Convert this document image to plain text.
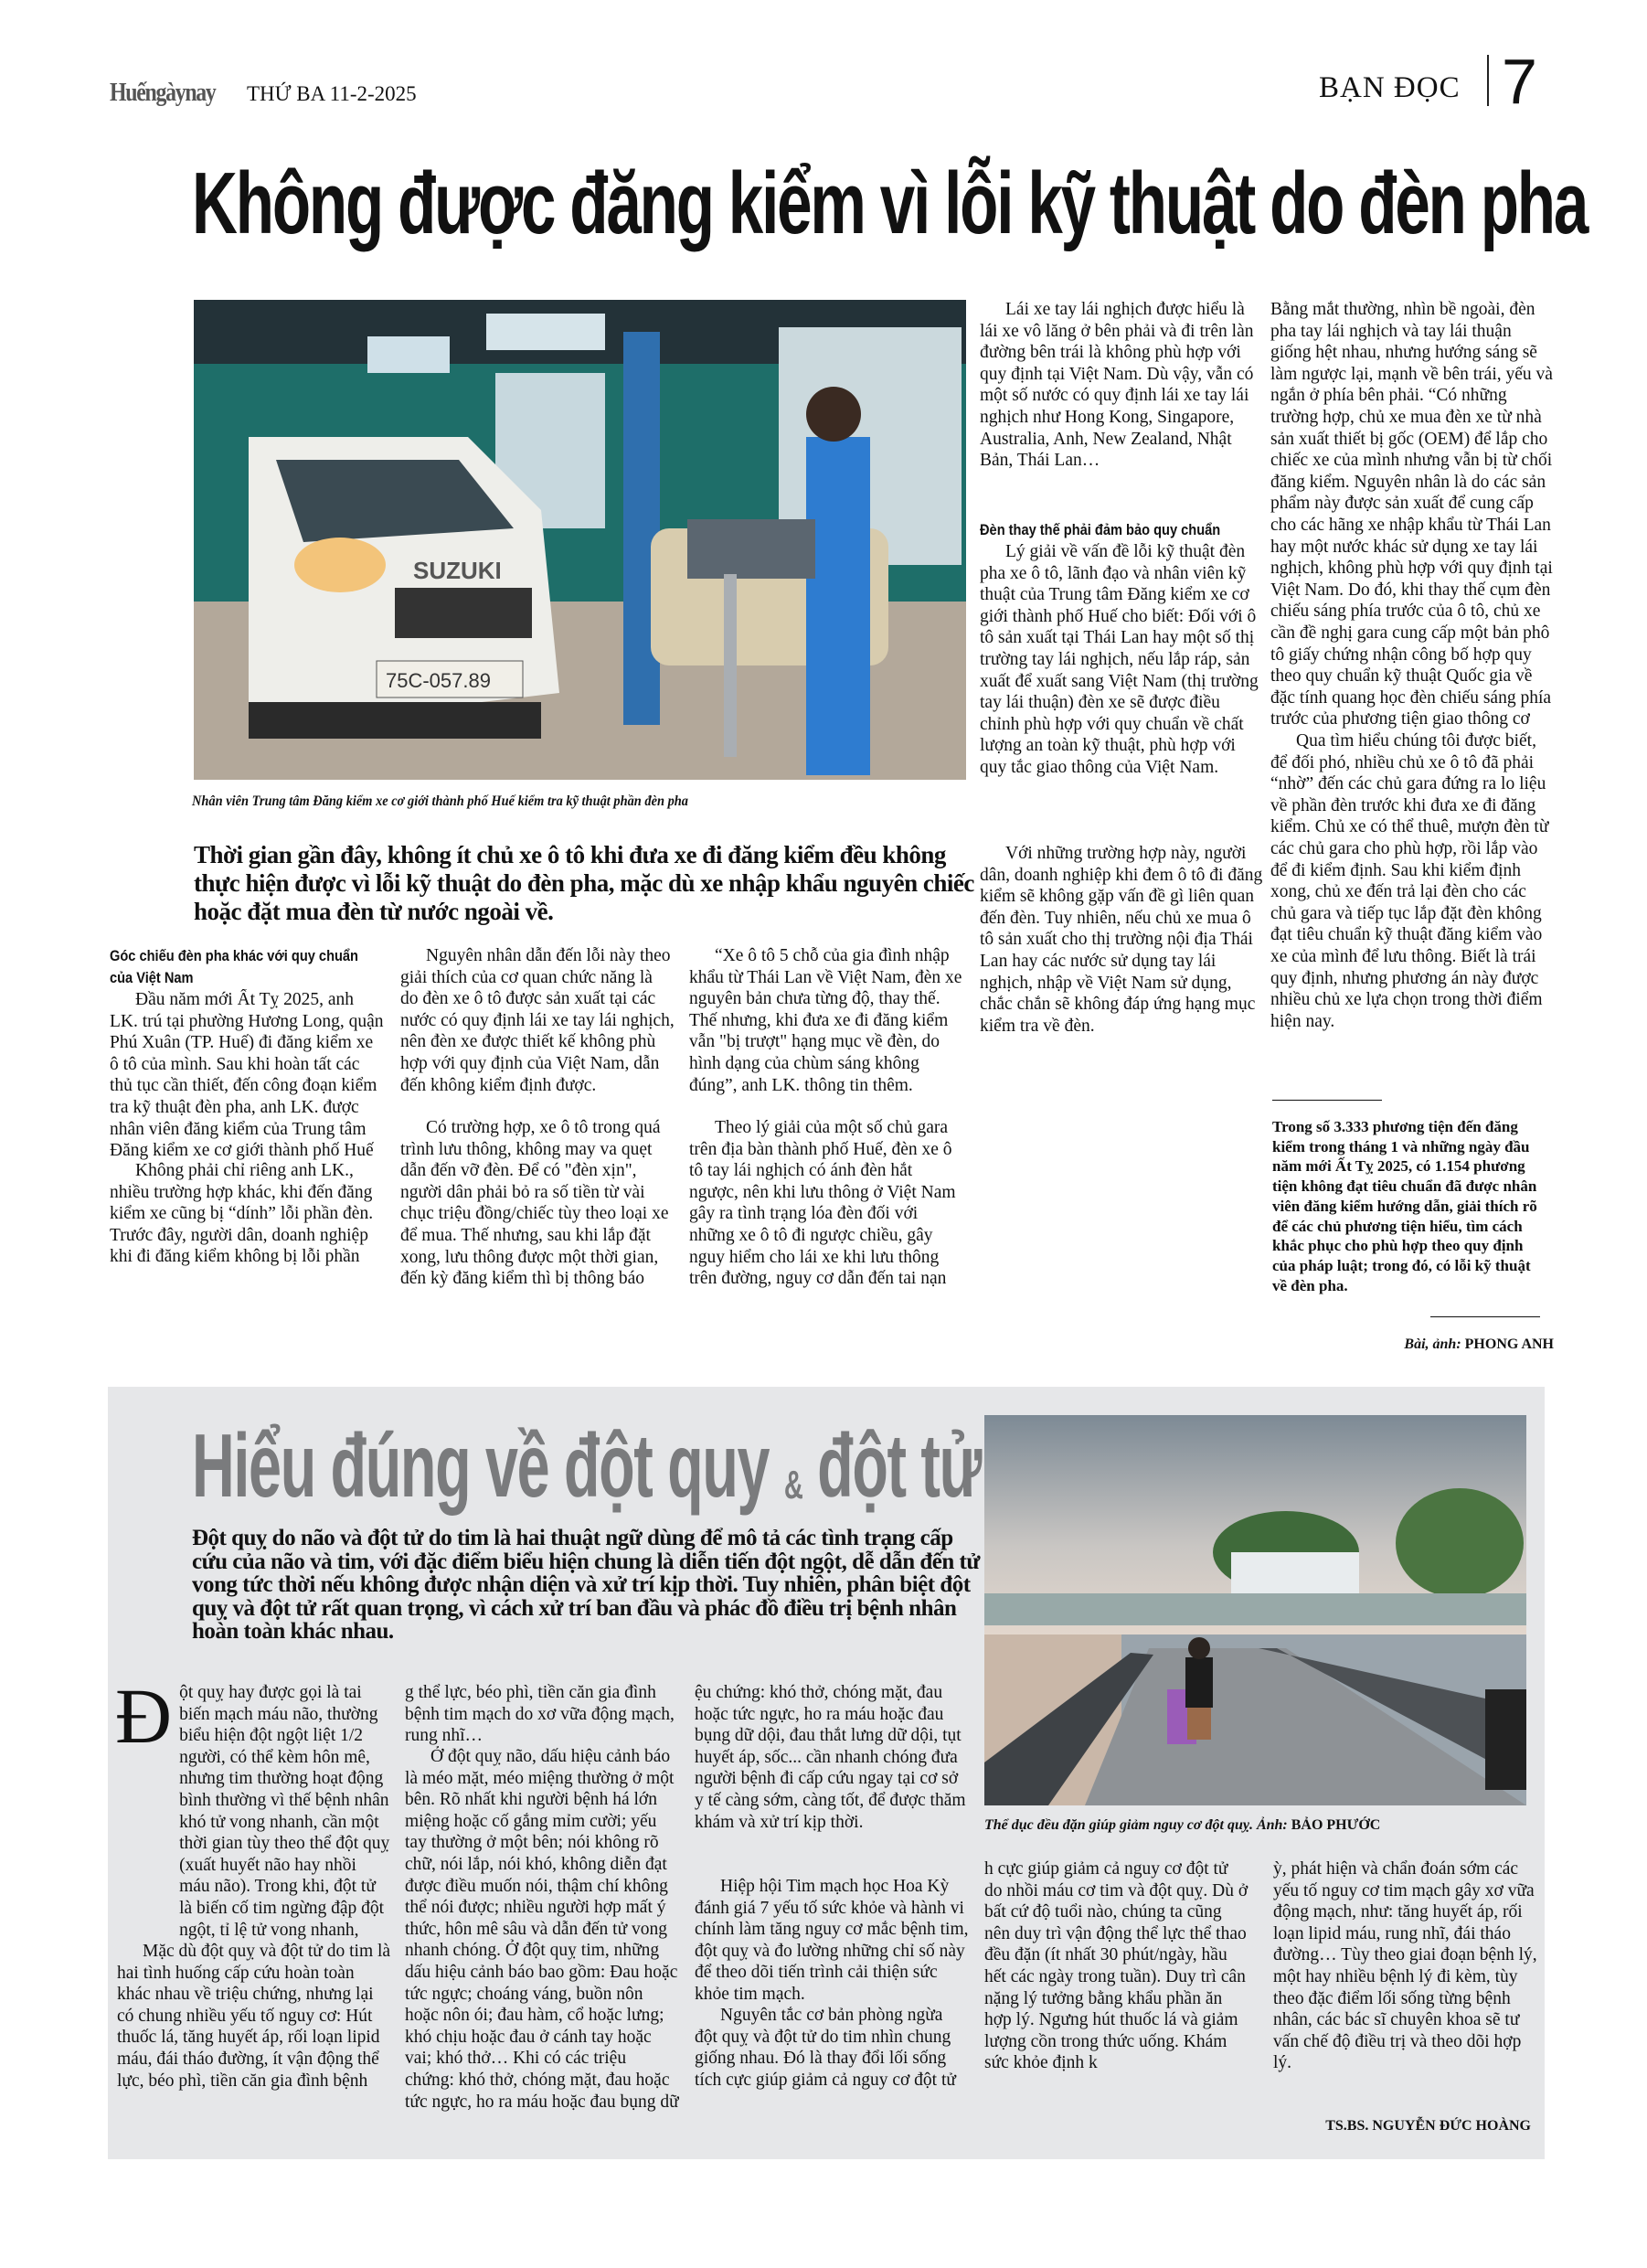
Huếngàynay THỨ BA 11-2-2025	BẠN ĐỌC 7
Không được đăng kiểm vì lỗi kỹ thuật do đèn pha
75C-057.89
SUZUKI
Nhân viên Trung tâm Đăng kiểm xe cơ giới thành phố Huế kiểm tra kỹ thuật phần đèn pha
Thời gian gần đây, không ít chủ xe ô tô khi đưa xe đi đăng kiểm đều không thực hiện được vì lỗi kỹ thuật do đèn pha, mặc dù xe nhập khẩu nguyên chiếc hoặc đặt mua đèn từ nước ngoài về.
Góc chiếu đèn pha khác với quy chuẩn của Việt Nam

Đầu năm mới Ất Tỵ 2025, anh LK. trú tại phường Hương Long, quận Phú Xuân (TP. Huế) đi đăng kiểm xe ô tô của mình. Sau khi hoàn tất các thủ tục cần thiết, đến công đoạn kiểm tra kỹ thuật đèn pha, anh LK. được nhân viên đăng kiểm của Trung tâm Đăng kiểm xe cơ giới thành phố Huế

Không phải chỉ riêng anh LK., nhiều trường hợp khác, khi đến đăng kiểm xe cũng bị “dính” lỗi phần đèn. Trước đây, người dân, doanh nghiệp khi đi đăng kiểm không bị lỗi phần

Nguyên nhân dẫn đến lỗi này theo giải thích của cơ quan chức năng là do đèn xe ô tô được sản xuất tại các nước có quy định lái xe tay lái nghịch, nên đèn xe được thiết kế không phù hợp với quy định của Việt Nam, dẫn đến không kiểm định được.

Có trường hợp, xe ô tô trong quá trình lưu thông, không may va quẹt dẫn đến vỡ đèn. Để có "đèn xịn", người dân phải bỏ ra số tiền từ vài chục triệu đồng/chiếc tùy theo loại xe để mua. Thế nhưng, sau khi lắp đặt xong, lưu thông được một thời gian, đến kỳ đăng kiểm thì bị thông báo

“Xe ô tô 5 chỗ của gia đình nhập khẩu từ Thái Lan về Việt Nam, đèn xe nguyên bản chưa từng độ, thay thế. Thế nhưng, khi đưa xe đi đăng kiểm vẫn "bị trượt" hạng mục về đèn, do hình dạng của chùm sáng không đúng”, anh LK. thông tin thêm.

Theo lý giải của một số chủ gara trên địa bàn thành phố Huế, đèn xe ô tô tay lái nghịch có ánh đèn hắt ngược, nên khi lưu thông ở Việt Nam gây ra tình trạng lóa đèn đối với những xe ô tô đi ngược chiều, gây nguy hiểm cho lái xe khi lưu thông trên đường, nguy cơ dẫn đến tai nạn

Lái xe tay lái nghịch được hiểu là lái xe vô lăng ở bên phải và đi trên làn đường bên trái là không phù hợp với quy định tại Việt Nam. Dù vậy, vẫn có một số nước có quy định lái xe tay lái nghịch như Hong Kong, Singapore, Australia, Anh, New Zealand, Nhật Bản, Thái Lan…

Đèn thay thế phải đảm bảo quy chuẩn

Lý giải về vấn đề lỗi kỹ thuật đèn pha xe ô tô, lãnh đạo và nhân viên kỹ thuật của Trung tâm Đăng kiểm xe cơ giới thành phố Huế cho biết: Đối với ô tô sản xuất tại Thái Lan hay một số thị trường tay lái nghịch, nếu lắp ráp, sản xuất để xuất sang Việt Nam (thị trường tay lái thuận) đèn xe sẽ được điều chỉnh phù hợp với quy chuẩn về chất lượng an toàn kỹ thuật, phù hợp với quy tắc giao thông của Việt Nam.

Với những trường hợp này, người dân, doanh nghiệp khi đem ô tô đi đăng kiểm sẽ không gặp vấn đề gì liên quan đến đèn. Tuy nhiên, nếu chủ xe mua ô tô sản xuất cho thị trường nội địa Thái Lan hay các nước sử dụng tay lái nghịch, nhập về Việt Nam sử dụng, chắc chắn sẽ không đáp ứng hạng mục kiểm tra về đèn.

Bằng mắt thường, nhìn bề ngoài, đèn pha tay lái nghịch và tay lái thuận giống hệt nhau, nhưng hướng sáng sẽ làm ngược lại, mạnh về bên trái, yếu và ngắn ở phía bên phải. “Có những trường hợp, chủ xe mua đèn xe từ nhà sản xuất thiết bị gốc (OEM) để lắp cho chiếc xe của mình nhưng vẫn bị từ chối đăng kiểm. Nguyên nhân là do các sản phẩm này được sản xuất để cung cấp cho các hãng xe nhập khẩu từ Thái Lan hay một nước khác sử dụng xe tay lái nghịch, không phù hợp với quy định tại Việt Nam. Do đó, khi thay thế cụm đèn chiếu sáng phía trước của ô tô, chủ xe cần đề nghị gara cung cấp một bản phô tô giấy chứng nhận công bố hợp quy theo quy chuẩn kỹ thuật Quốc gia về đặc tính quang học đèn chiếu sáng phía trước của phương tiện giao thông cơ

Qua tìm hiểu chúng tôi được biết, để đối phó, nhiều chủ xe ô tô đã phải “nhờ” đến các chủ gara đứng ra lo liệu về phần đèn trước khi đưa xe đi đăng kiểm. Chủ xe có thể thuê, mượn đèn từ các chủ gara cho phù hợp, rồi lắp vào để đi kiểm định. Sau khi kiểm định xong, chủ xe đến trả lại đèn cho các chủ gara và tiếp tục lắp đặt đèn không đạt tiêu chuẩn kỹ thuật đăng kiểm vào xe của mình để lưu thông. Biết là trái quy định, nhưng phương án này được nhiều chủ xe lựa chọn trong thời điểm hiện nay.

Trong số 3.333 phương tiện đến đăng kiểm trong tháng 1 và những ngày đầu năm mới Ất Tỵ 2025, có 1.154 phương tiện không đạt tiêu chuẩn đã được nhân viên đăng kiểm hướng dẫn, giải thích rõ để các chủ phương tiện hiểu, tìm cách khắc phục cho phù hợp theo quy định của pháp luật; trong đó, có lỗi kỹ thuật về đèn pha.
Bài, ảnh: PHONG ANH
Hiểu đúng về đột quy & đột tử
Đột quỵ do não và đột tử do tim là hai thuật ngữ dùng để mô tả các tình trạng cấp cứu của não và tim, với đặc điểm biểu hiện chung là diễn tiến đột ngột, dễ dẫn đến tử vong tức thời nếu không được nhận diện và xử trí kịp thời. Tuy nhiên, phân biệt đột quỵ và đột tử rất quan trọng, vì cách xử trí ban đầu và phác đồ điều trị bệnh nhân hoàn toàn khác nhau.
Thể dục đều đặn giúp giảm nguy cơ đột quỵ. Ảnh: BẢO PHƯỚC
Đ ột quỵ hay được gọi là tai biến mạch máu não, thường biểu hiện đột ngột liệt 1/2 người, có thể kèm hôn mê, nhưng tim thường hoạt động bình thường vì thế bệnh nhân khó tử vong nhanh, cần một thời gian tùy theo thể đột quỵ (xuất huyết não hay nhồi máu não). Trong khi, đột tử là biến cố tim ngừng đập đột ngột, tỉ lệ tử vong nhanh,

Mặc dù đột quỵ và đột tử do tim là hai tình huống cấp cứu hoàn toàn khác nhau về triệu chứng, nhưng lại có chung nhiều yếu tố nguy cơ: Hút thuốc lá, tăng huyết áp, rối loạn lipid máu, đái tháo đường, ít vận động thể lực, béo phì, tiền căn gia đình bệnh

g thể lực, béo phì, tiền căn gia đình bệnh tim mạch do xơ vữa động mạch, rung nhĩ…

Ở đột quỵ não, dấu hiệu cảnh báo là méo mặt, méo miệng thường ở một bên. Rõ nhất khi người bệnh há lớn miệng hoặc cố gắng mỉm cười; yếu tay thường ở một bên; nói không rõ chữ, nói lắp, nói khó, không diễn đạt được điều muốn nói, thậm chí không thể nói được; nhiều người hợp mất ý thức, hôn mê sâu và dẫn đến tử vong nhanh chóng. Ở đột quỵ tim, những dấu hiệu cảnh báo bao gồm: Đau hoặc tức ngực; choáng váng, buồn nôn hoặc nôn ói; đau hàm, cổ hoặc lưng; khó chịu hoặc đau ở cánh tay hoặc vai; khó thở… Khi có các triệu chứng: khó thở, chóng mặt, đau hoặc tức ngực, ho ra máu hoặc đau bụng dữ

ệu chứng: khó thở, chóng mặt, đau hoặc tức ngực, ho ra máu hoặc đau bụng dữ dội, đau thắt lưng dữ dội, tụt huyết áp, sốc... cần nhanh chóng đưa người bệnh đi cấp cứu ngay tại cơ sở y tế càng sớm, càng tốt, để được thăm khám và xử trí kịp thời.

Hiệp hội Tim mạch học Hoa Kỳ đánh giá 7 yếu tố sức khỏe và hành vi chính làm tăng nguy cơ mắc bệnh tim, đột quỵ và đo lường những chỉ số này để theo dõi tiến trình cải thiện sức khỏe tim mạch.

Nguyên tắc cơ bản phòng ngừa đột quỵ và đột tử do tim nhìn chung giống nhau. Đó là thay đổi lối sống tích cực giúp giảm cả nguy cơ đột tử

h cực giúp giảm cả nguy cơ đột tử do nhồi máu cơ tim và đột quỵ. Dù ở bất cứ độ tuổi nào, chúng ta cũng nên duy trì vận động thể lực thể thao đều đặn (ít nhất 30 phút/ngày, hầu hết các ngày trong tuần). Duy trì cân nặng lý tưởng bằng khẩu phần ăn hợp lý. Ngưng hút thuốc lá và giảm lượng cồn trong thức uống. Khám sức khỏe định k

ỳ, phát hiện và chẩn đoán sớm các yếu tố nguy cơ tim mạch gây xơ vữa động mạch, như: tăng huyết áp, rối loạn lipid máu, rung nhĩ, đái tháo đường… Tùy theo giai đoạn bệnh lý, một hay nhiều bệnh lý đi kèm, tùy theo đặc điểm lối sống từng bệnh nhân, các bác sĩ chuyên khoa sẽ tư vấn chế độ điều trị và theo dõi hợp lý.

TS.BS. NGUYỄN ĐỨC HOÀNG
